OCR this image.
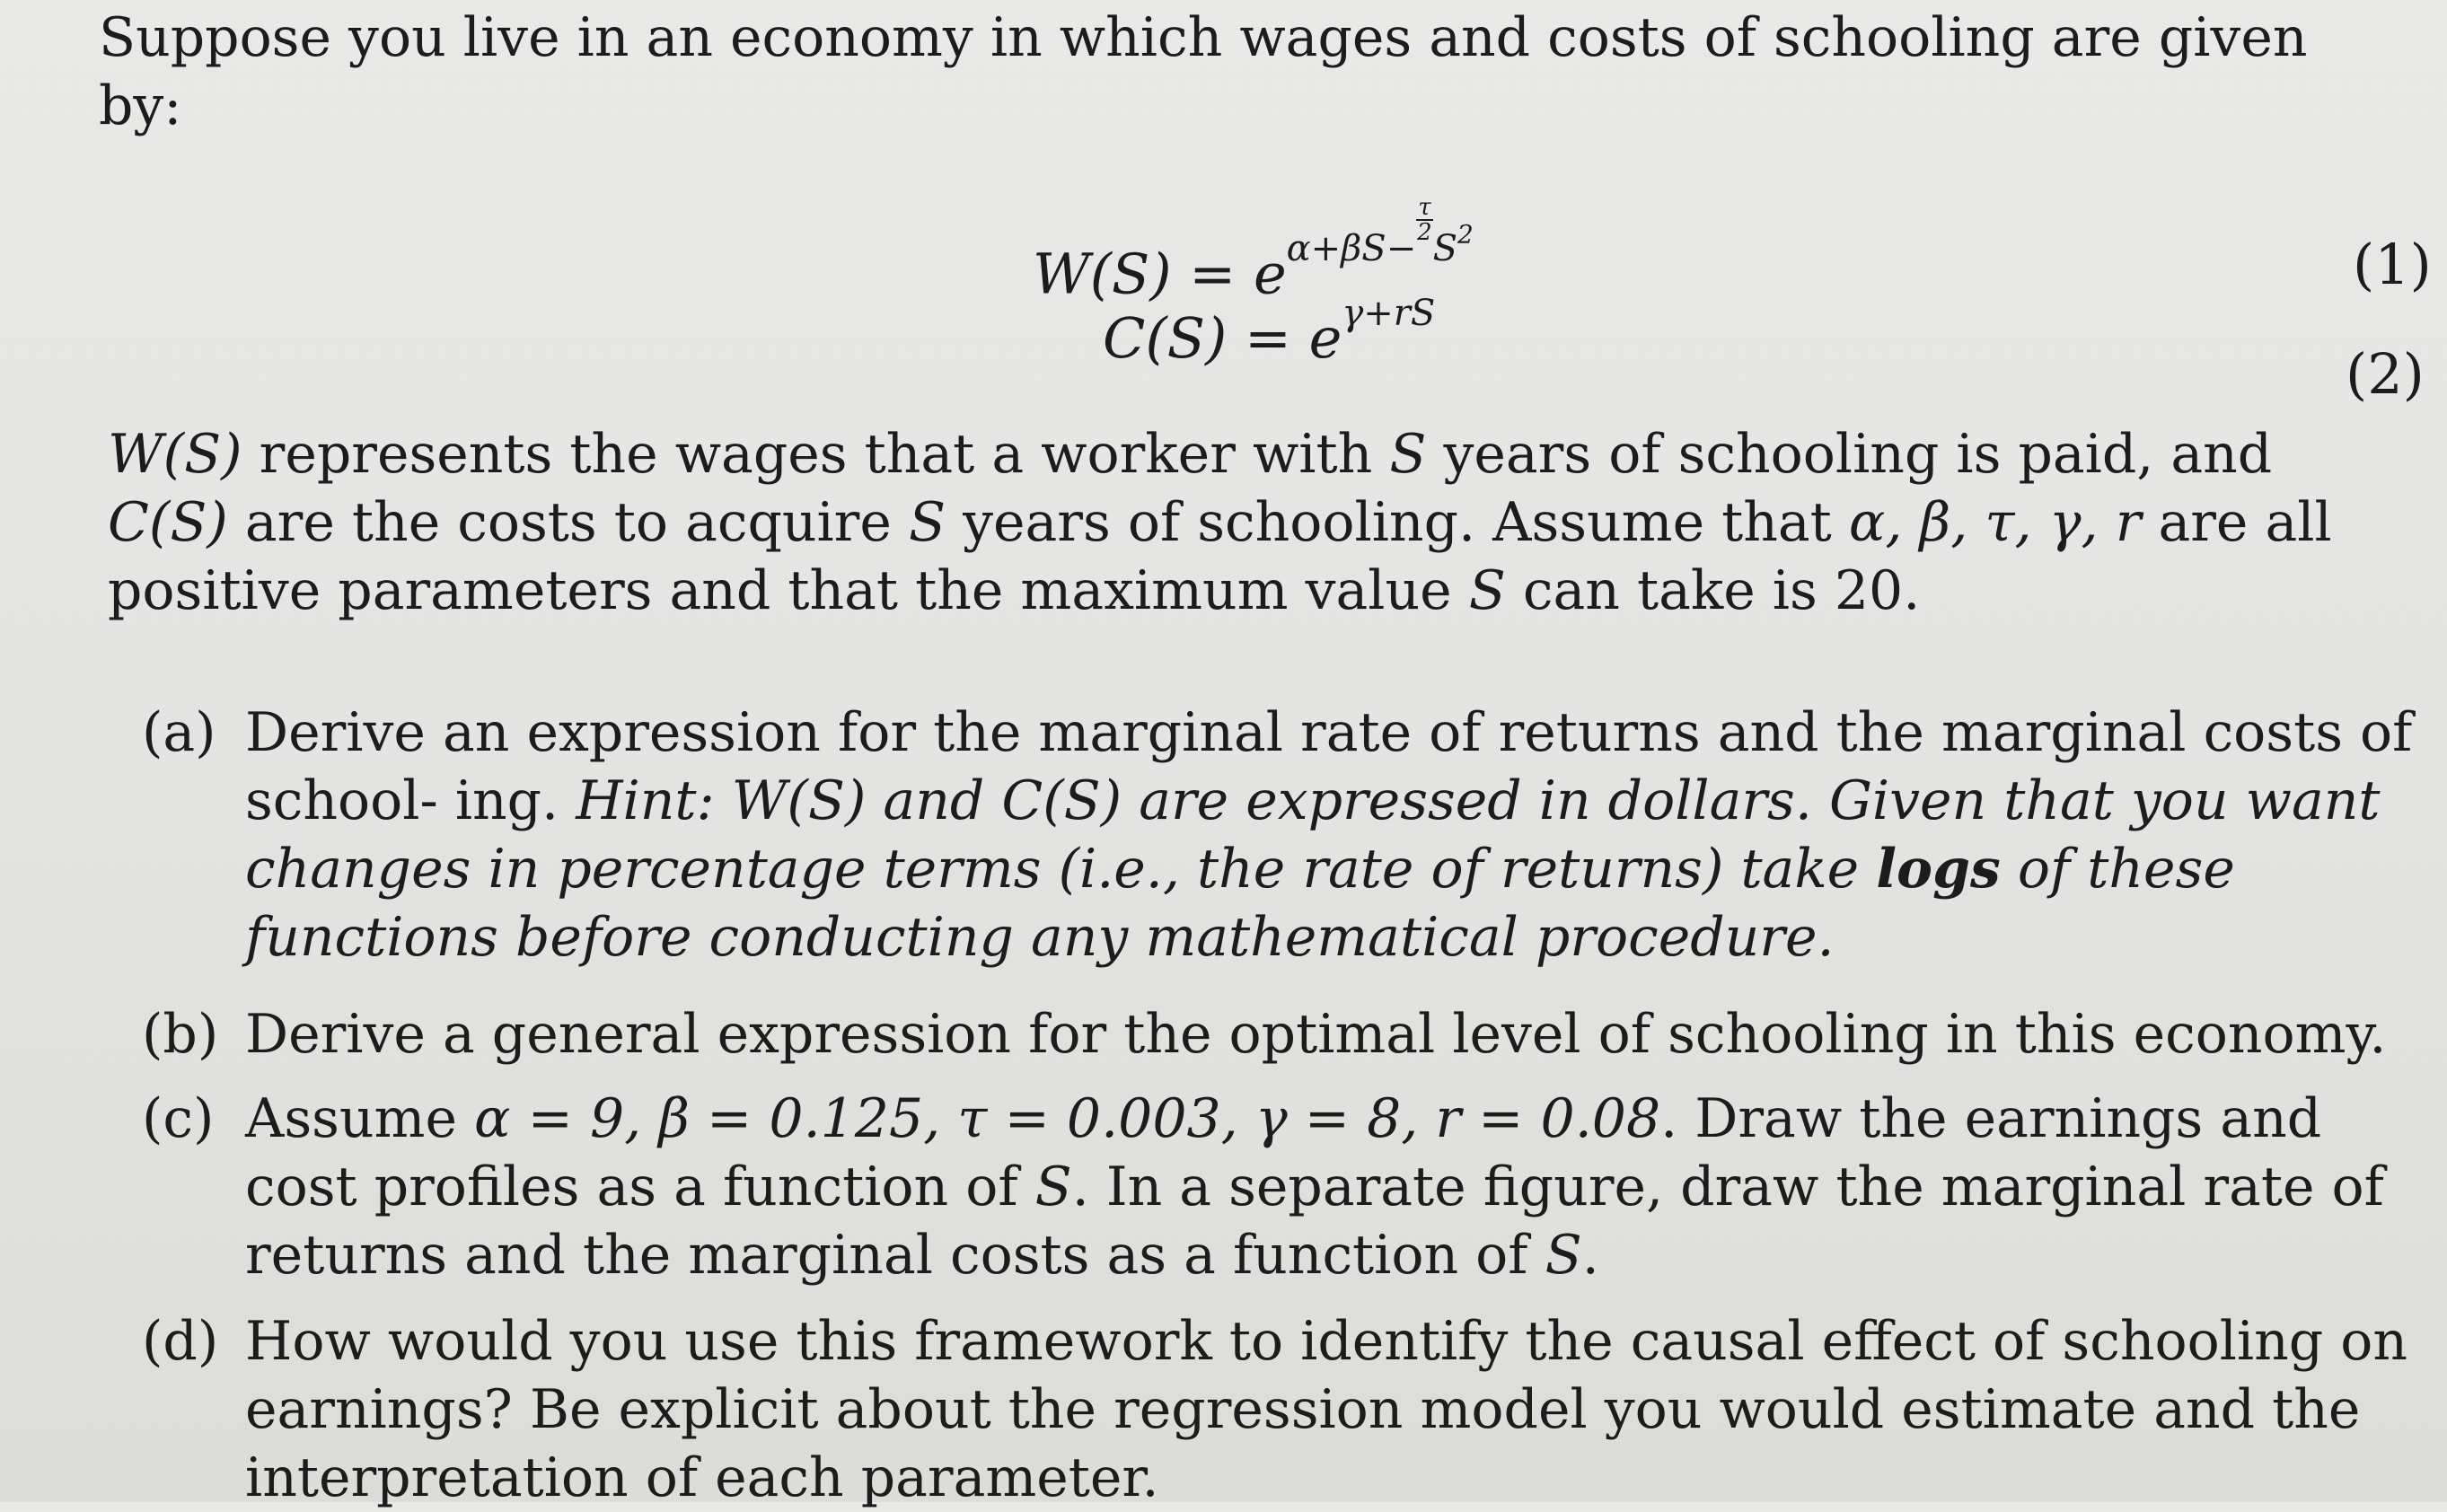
Suppose you live in an economy in which wages and costs of schooling are given by:
$W(S) = e^{\alpha+\beta S- \frac{\tau}{2} S^2}$	(1)
$C(S) = e^{\gamma+rS}$
(2)
W(S) represents the wages that a worker with S years of schooling is paid, and C(S) are the costs to acquire S years of schooling. Assume that α, β, τ, γ, r are all positive parameters and that the maximum value S can take is 20.
(a) Derive an expression for the marginal rate of returns and the marginal costs of school- ing. Hint: W(S) and C(S) are expressed in dollars. Given that you want changes in percentage terms (i.e., the rate of returns) take logs of these functions before conducting any mathematical procedure.
(b) Derive a general expression for the optimal level of schooling in this economy.
(c) Assume α = 9, β = 0.125, τ = 0.003, γ = 8, r = 0.08. Draw the earnings and cost profiles as a function of S. In a separate figure, draw the marginal rate of returns and the marginal costs as a function of S.
(d) How would you use this framework to identify the causal effect of schooling on earnings? Be explicit about the regression model you would estimate and the interpretation of each parameter.
